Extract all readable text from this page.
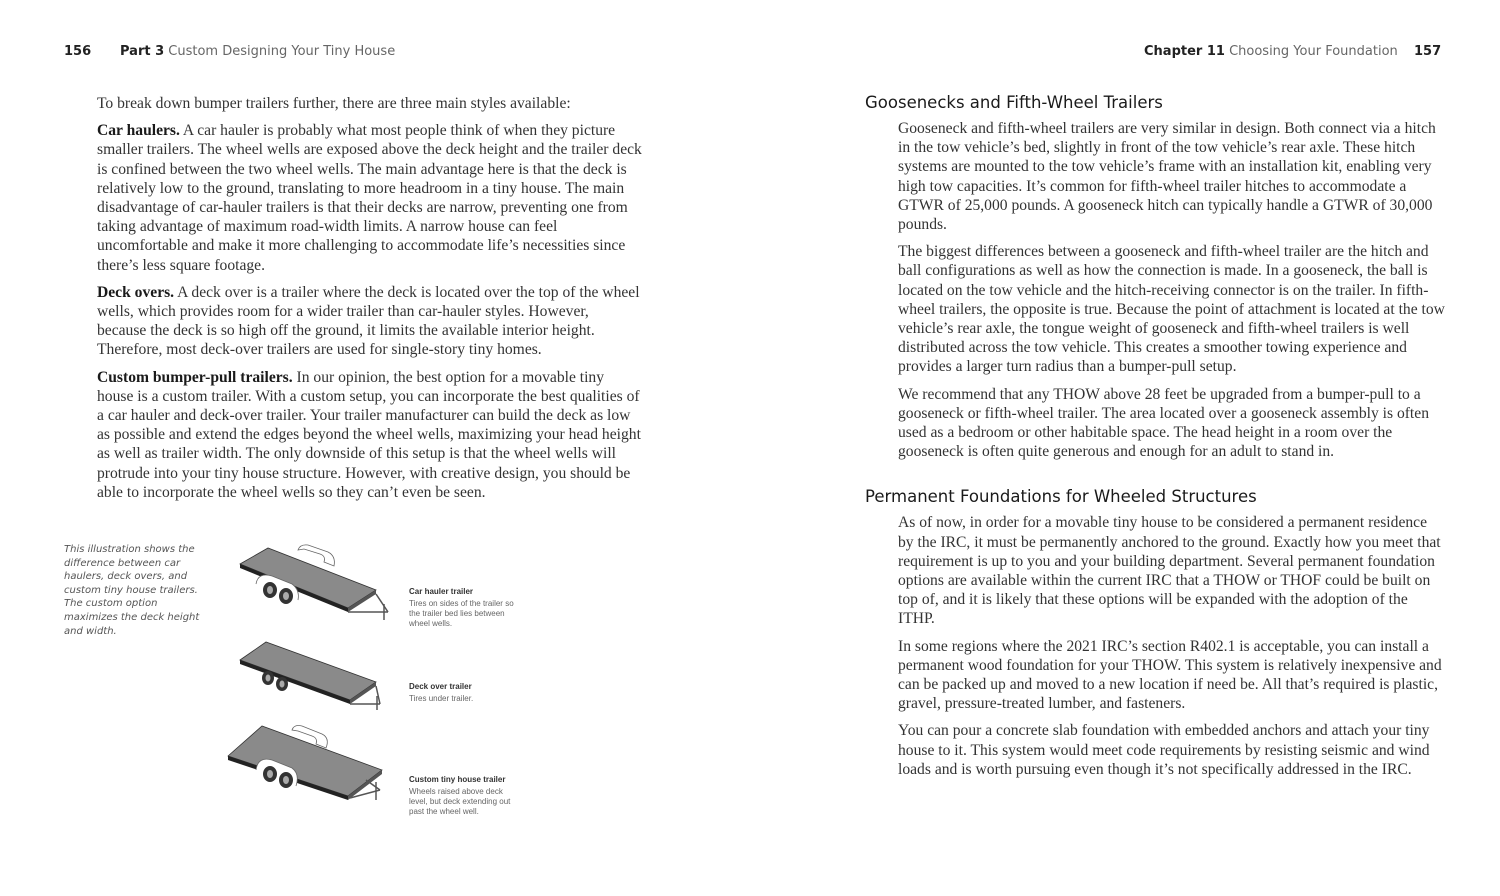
156 Part 3 Custom Designing Your Tiny House	Chapter 11 Choosing Your Foundation 157

To break down bumper trailers further, there are three main styles available:

Car haulers. A car hauler is probably what most people think of when they picture smaller trailers. The wheel wells are exposed above the deck height and the trailer deck is confined between the two wheel wells. The main advantage here is that the deck is relatively low to the ground, translating to more headroom in a tiny house. The main disadvantage of car-hauler trailers is that their decks are narrow, preventing one from taking advantage of maximum road-width limits. A narrow house can feel uncomfortable and make it more challenging to accommodate life’s necessities since there’s less square footage.

Deck overs. A deck over is a trailer where the deck is located over the top of the wheel wells, which provides room for a wider trailer than car-hauler styles. However, because the deck is so high off the ground, it limits the available interior height. Therefore, most deck-over trailers are used for single-story tiny homes.

Custom bumper-pull trailers. In our opinion, the best option for a movable tiny house is a custom trailer. With a custom setup, you can incorporate the best qualities of a car hauler and deck-over trailer. Your trailer manufacturer can build the deck as low as possible and extend the edges beyond the wheel wells, maximizing your head height as well as trailer width. The only downside of this setup is that the wheel wells will protrude into your tiny house structure. However, with creative design, you should be able to incorporate the wheel wells so they can’t even be seen.

This illustration shows the difference between car haulers, deck overs, and custom tiny house trailers. The custom option maximizes the deck height and width.
Car hauler trailer
Tires on sides of the trailer so the trailer bed lies between wheel wells.
Deck over trailer
Tires under trailer.
Custom tiny house trailer
Wheels raised above deck level, but deck extending out past the wheel well.
Goosenecks and Fifth-Wheel Trailers

Gooseneck and fifth-wheel trailers are very similar in design. Both connect via a hitch in the tow vehicle’s bed, slightly in front of the tow vehicle’s rear axle. These hitch systems are mounted to the tow vehicle’s frame with an installation kit, enabling very high tow capacities. It’s common for fifth-wheel trailer hitches to accommodate a GTWR of 25,000 pounds. A gooseneck hitch can typically handle a GTWR of 30,000 pounds.

The biggest differences between a gooseneck and fifth-wheel trailer are the hitch and ball configurations as well as how the connection is made. In a gooseneck, the ball is located on the tow vehicle and the hitch-receiving connector is on the trailer. In fifth-wheel trailers, the opposite is true. Because the point of attachment is located at the tow vehicle’s rear axle, the tongue weight of gooseneck and fifth-wheel trailers is well distributed across the tow vehicle. This creates a smoother towing experience and provides a larger turn radius than a bumper-pull setup.

We recommend that any THOW above 28 feet be upgraded from a bumper-pull to a gooseneck or fifth-wheel trailer. The area located over a gooseneck assembly is often used as a bedroom or other habitable space. The head height in a room over the gooseneck is often quite generous and enough for an adult to stand in.

Permanent Foundations for Wheeled Structures

As of now, in order for a movable tiny house to be considered a permanent residence by the IRC, it must be permanently anchored to the ground. Exactly how you meet that requirement is up to you and your building department. Several permanent foundation options are available within the current IRC that a THOW or THOF could be built on top of, and it is likely that these options will be expanded with the adoption of the ITHP.

In some regions where the 2021 IRC’s section R402.1 is acceptable, you can install a permanent wood foundation for your THOW. This system is relatively inexpensive and can be packed up and moved to a new location if need be. All that’s required is plastic, gravel, pressure-treated lumber, and fasteners.

You can pour a concrete slab foundation with embedded anchors and attach your tiny house to it. This system would meet code requirements by resisting seismic and wind loads and is worth pursuing even though it’s not specifically addressed in the IRC.
